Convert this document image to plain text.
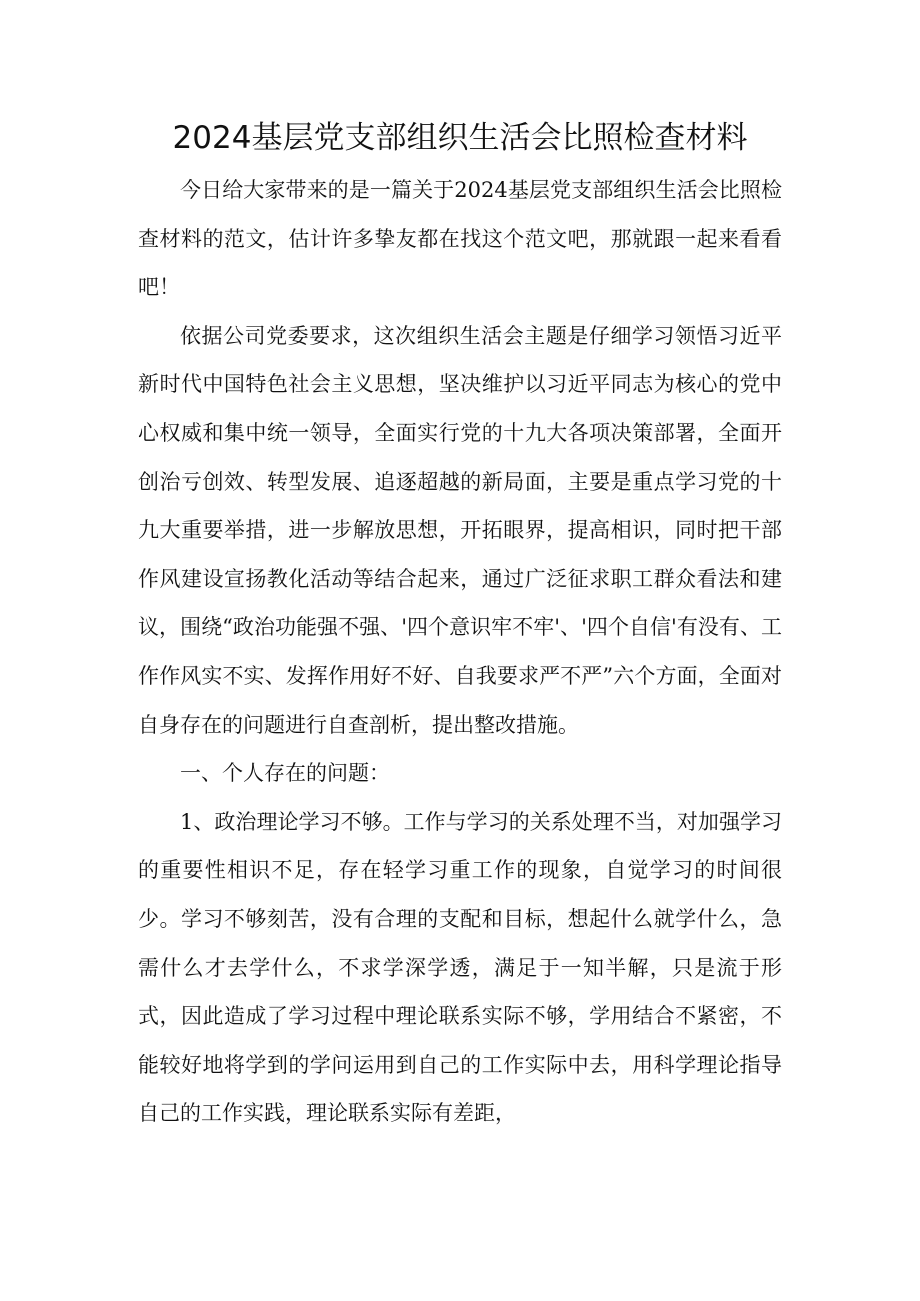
2024基层党支部组织生活会比照检查材料

今日给大家带来的是一篇关于2024基层党支部组织生活会比照检查材料的范文，估计许多挚友都在找这个范文吧，那就跟一起来看看吧！

依据公司党委要求，这次组织生活会主题是仔细学习领悟习近平新时代中国特色社会主义思想，坚决维护以习近平同志为核心的党中心权威和集中统一领导，全面实行党的十九大各项决策部署，全面开创治亏创效、转型发展、追逐超越的新局面，主要是重点学习党的十九大重要举措，进一步解放思想，开拓眼界，提高相识，同时把干部作风建设宣扬教化活动等结合起来，通过广泛征求职工群众看法和建议，围绕“政治功能强不强、'四个意识牢不牢'、'四个自信'有没有、工作作风实不实、发挥作用好不好、自我要求严不严”六个方面，全面对自身存在的问题进行自查剖析，提出整改措施。

一、个人存在的问题：

1、政治理论学习不够。工作与学习的关系处理不当，对加强学习的重要性相识不足，存在轻学习重工作的现象，自觉学习的时间很少。学习不够刻苦，没有合理的支配和目标，想起什么就学什么，急需什么才去学什么，不求学深学透，满足于一知半解，只是流于形式，因此造成了学习过程中理论联系实际不够，学用结合不紧密，不能较好地将学到的学问运用到自己的工作实际中去，用科学理论指导自己的工作实践，理论联系实际有差距，
